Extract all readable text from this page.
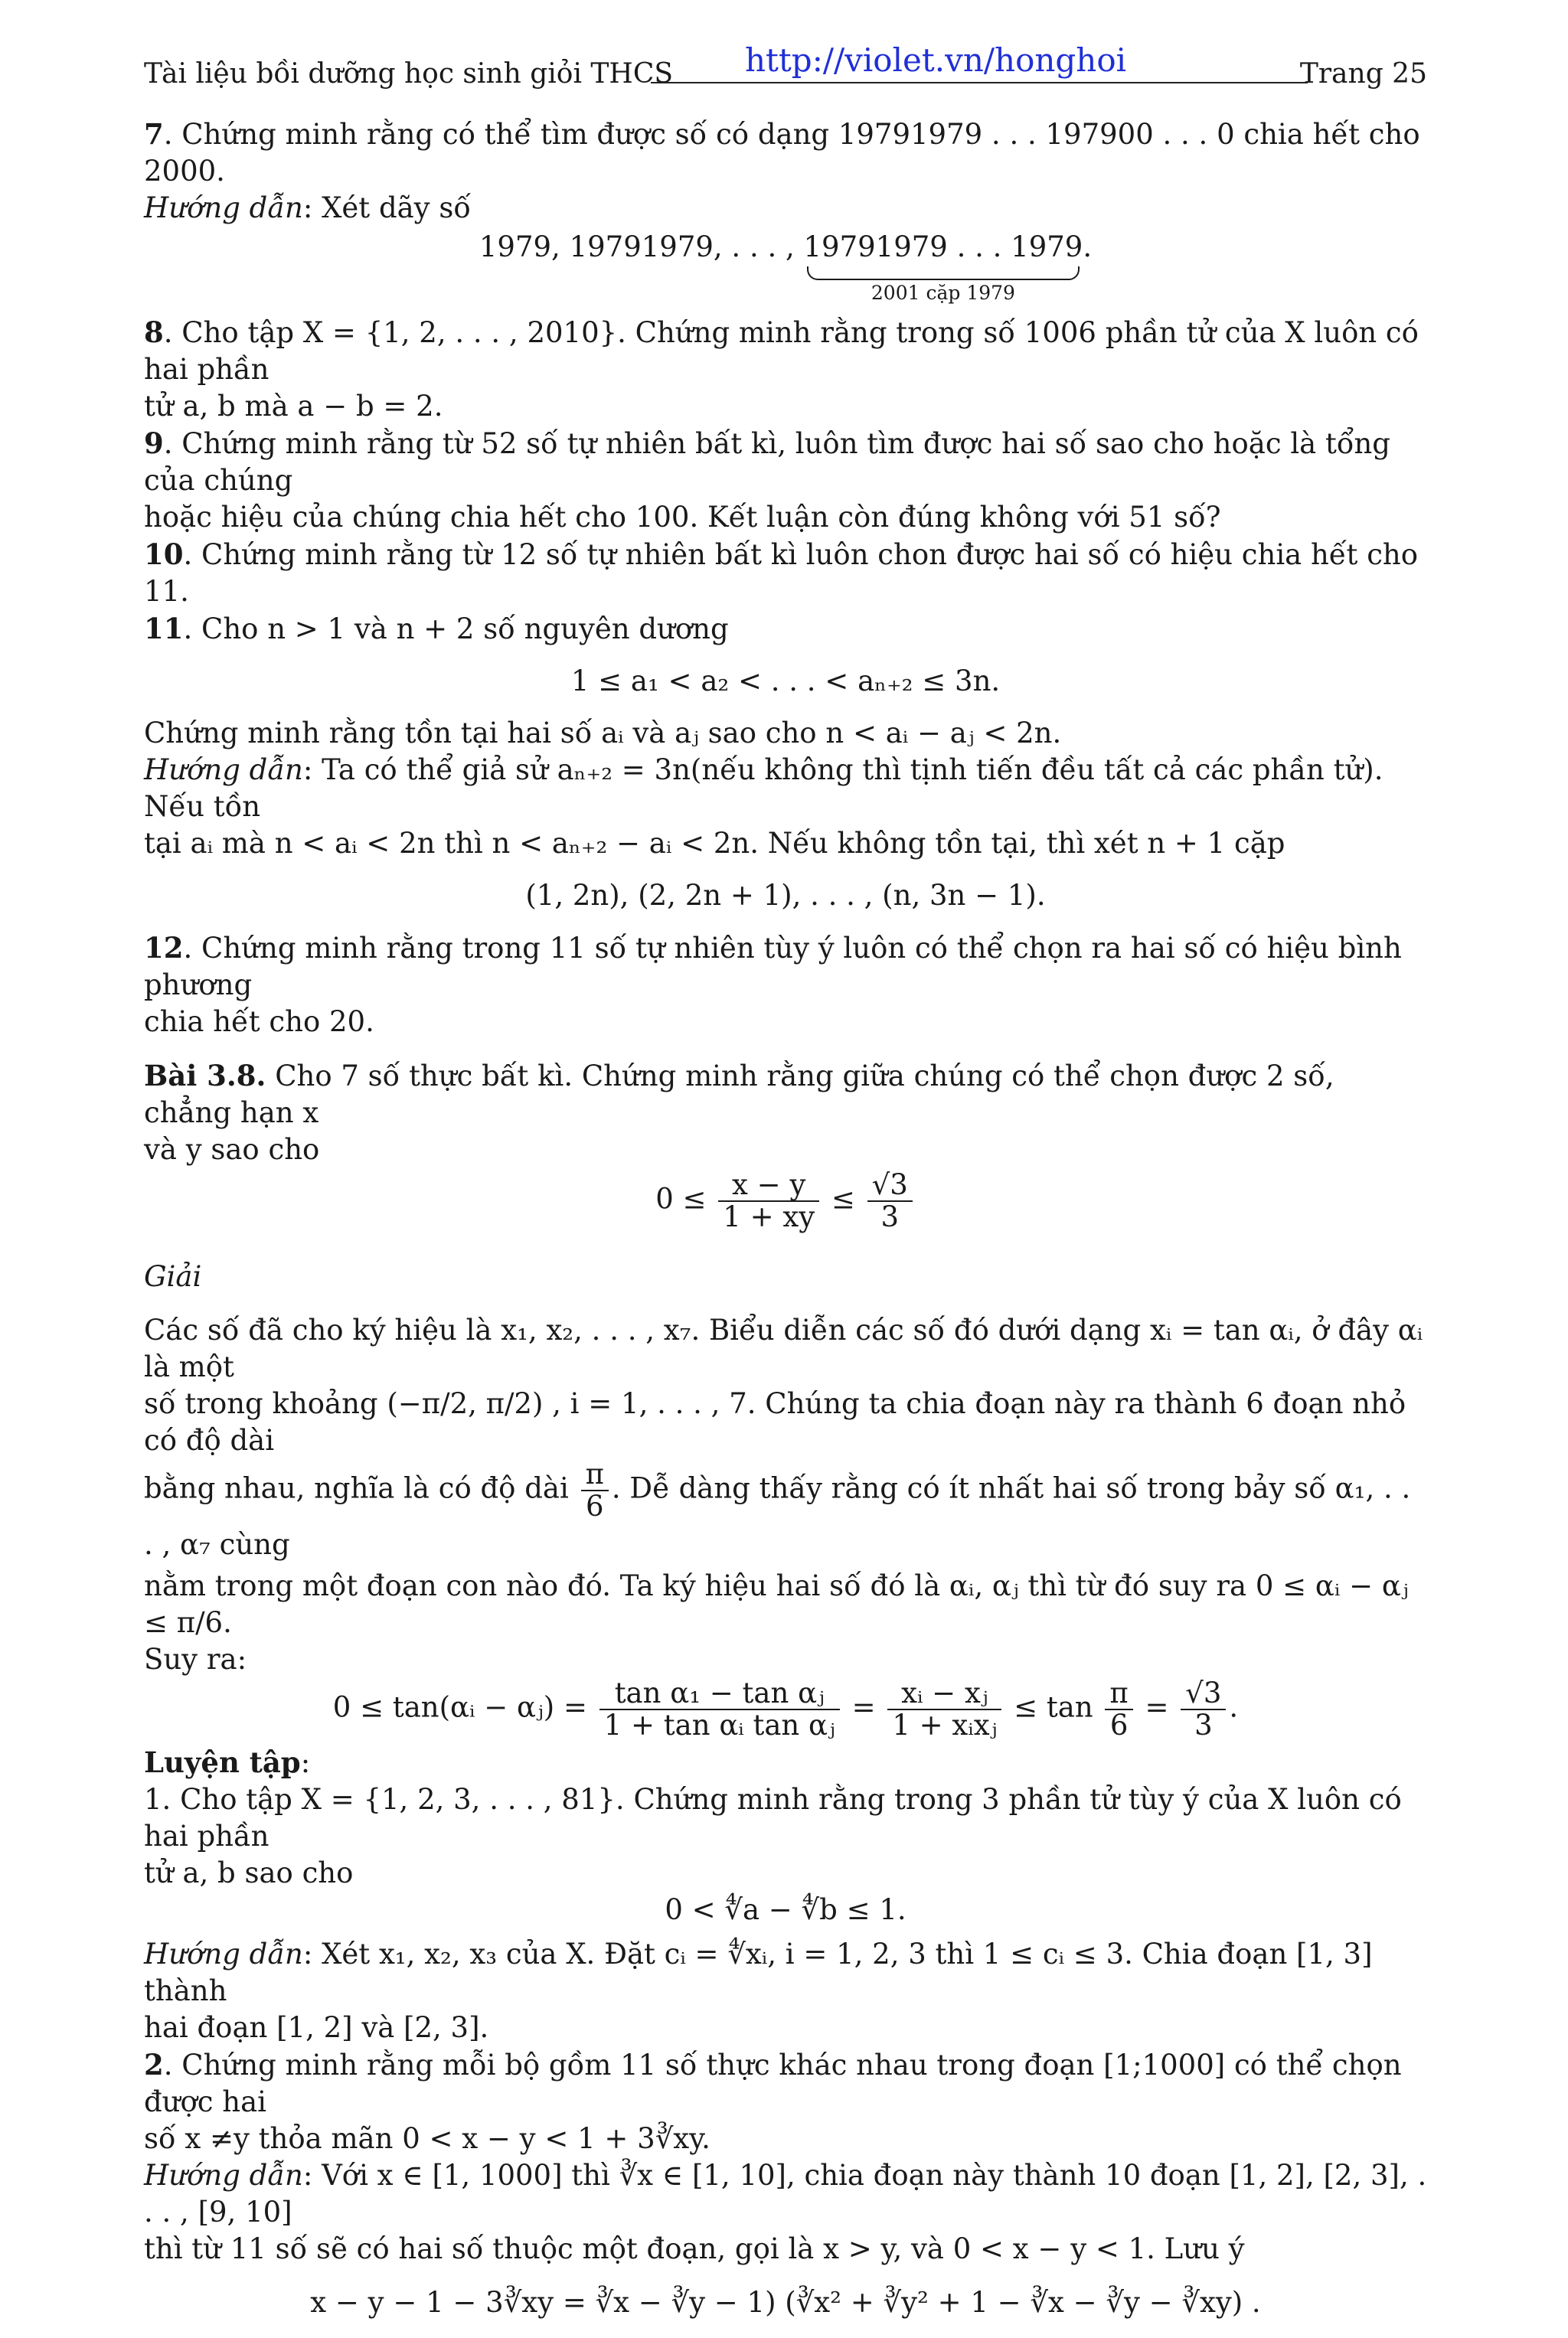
Tài liệu bồi dưỡng học sinh giỏi THCS http://violet.vn/honghoi	Trang 25

7. Chứng minh rằng có thể tìm được số có dạng 19791979 . . . 197900 . . . 0 chia hết cho 2000.

Hướng dẫn: Xét dãy số

1979, 19791979, . . . , 19791979 . . . 1979
2001 cặp 1979
.

8. Cho tập X = {1, 2, . . . , 2010}. Chứng minh rằng trong số 1006 phần tử của X luôn có hai phần

tử a, b mà a − b = 2.

9. Chứng minh rằng từ 52 số tự nhiên bất kì, luôn tìm được hai số sao cho hoặc là tổng của chúng

hoặc hiệu của chúng chia hết cho 100. Kết luận còn đúng không với 51 số?

10. Chứng minh rằng từ 12 số tự nhiên bất kì luôn chon được hai số có hiệu chia hết cho 11.

11. Cho n > 1 và n + 2 số nguyên dương

1 ≤ a₁ < a₂ < . . . < aₙ₊₂ ≤ 3n.

Chứng minh rằng tồn tại hai số aᵢ và aⱼ sao cho n < aᵢ − aⱼ < 2n.

Hướng dẫn: Ta có thể giả sử aₙ₊₂ = 3n(nếu không thì tịnh tiến đều tất cả các phần tử). Nếu tồn

tại aᵢ mà n < aᵢ < 2n thì n < aₙ₊₂ − aᵢ < 2n. Nếu không tồn tại, thì xét n + 1 cặp

(1, 2n), (2, 2n + 1), . . . , (n, 3n − 1).

12. Chứng minh rằng trong 11 số tự nhiên tùy ý luôn có thể chọn ra hai số có hiệu bình phương

chia hết cho 20.

Bài 3.8. Cho 7 số thực bất kì. Chứng minh rằng giữa chúng có thể chọn được 2 số, chẳng hạn x

và y sao cho

$0 \le \frac{x - y}{1 + xy} \le \frac{√3}{3}$

Giải

Các số đã cho ký hiệu là x₁, x₂, . . . , x₇. Biểu diễn các số đó dưới dạng xᵢ = tan αᵢ, ở đây αᵢ là một

số trong khoảng (−π/2, π/2) , i = 1, . . . , 7. Chúng ta chia đoạn này ra thành 6 đoạn nhỏ có độ dài

bằng nhau, nghĩa là có độ dài $\frac{\pi}{6}$ . Dễ dàng thấy rằng có ít nhất hai số trong bảy số α₁, . . . , α₇ cùng

nằm trong một đoạn con nào đó. Ta ký hiệu hai số đó là αᵢ, αⱼ thì từ đó suy ra 0 ≤ αᵢ − αⱼ ≤ π/6.

Suy ra:

0 ≤ tan(αᵢ − αⱼ) = $\frac{\text{tan α₁ − tan αⱼ}}{\text{1 + tan αᵢ tan αⱼ}} = \frac{\text{xᵢ − xⱼ}}{\text{1 + xᵢxⱼ}} \le \tan \frac{\pi}{6} = \frac{√3}{3}$ .

Luyện tập:

1. Cho tập X = {1, 2, 3, . . . , 81}. Chứng minh rằng trong 3 phần tử tùy ý của X luôn có hai phần

tử a, b sao cho

0 < ∜a − ∜b ≤ 1.

Hướng dẫn: Xét x₁, x₂, x₃ của X. Đặt cᵢ = ∜xᵢ, i = 1, 2, 3 thì 1 ≤ cᵢ ≤ 3. Chia đoạn [1, 3] thành

hai đoạn [1, 2] và [2, 3].

2. Chứng minh rằng mỗi bộ gồm 11 số thực khác nhau trong đoạn [1;1000] có thể chọn được hai

số x ≠y thỏa mãn 0 < x − y < 1 + 3∛xy.

Hướng dẫn: Với x ∈ [1, 1000] thì ∛x ∈ [1, 10], chia đoạn này thành 10 đoạn [1, 2], [2, 3], . . . , [9, 10]

thì từ 11 số sẽ có hai số thuộc một đoạn, gọi là x > y, và 0 < x − y < 1. Lưu ý

x − y − 1 − 3∛xy = ∛x − ∛y − 1) (∛x² + ∛y² + 1 − ∛x − ∛y − ∛xy) .
